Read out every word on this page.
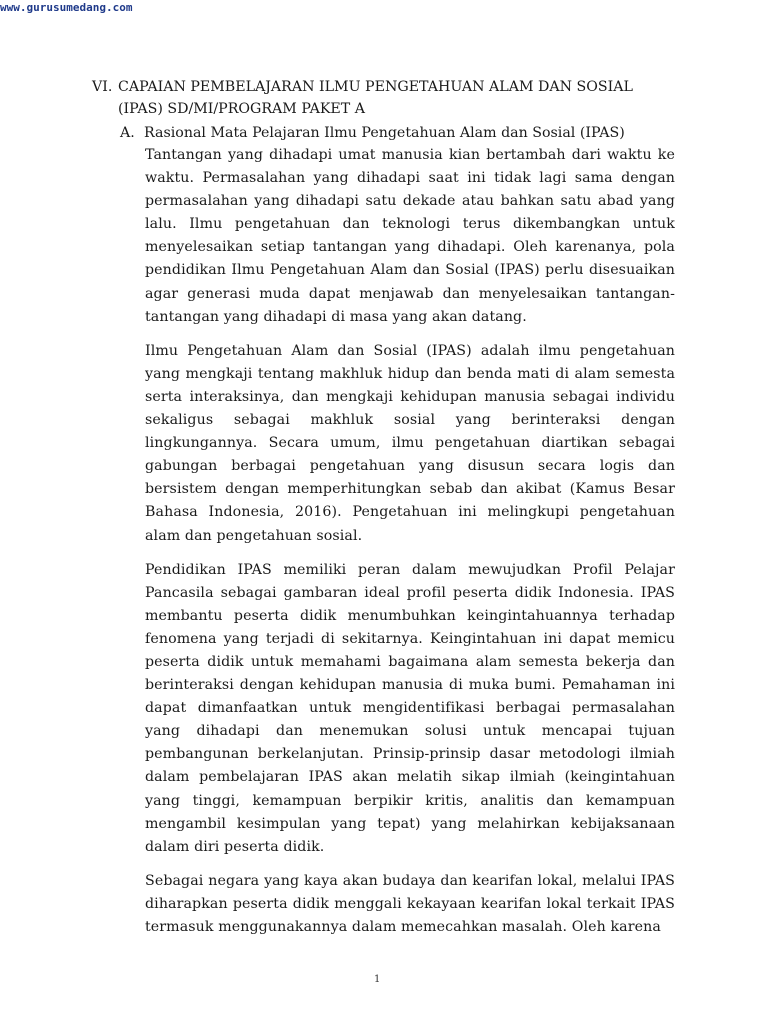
www.gurusumedang.com
VI. CAPAIAN PEMBELAJARAN ILMU PENGETAHUAN ALAM DAN SOSIAL
(IPAS) SD/MI/PROGRAM PAKET A
A. Rasional Mata Pelajaran Ilmu Pengetahuan Alam dan Sosial (IPAS)

Tantangan yang dihadapi umat manusia kian bertambah dari waktu ke waktu. Permasalahan yang dihadapi saat ini tidak lagi sama dengan permasalahan yang dihadapi satu dekade atau bahkan satu abad yang lalu. Ilmu pengetahuan dan teknologi terus dikembangkan untuk menyelesaikan setiap tantangan yang dihadapi. Oleh karenanya, pola pendidikan Ilmu Pengetahuan Alam dan Sosial (IPAS) perlu disesuaikan agar generasi muda dapat menjawab dan menyelesaikan tantangan-tantangan yang dihadapi di masa yang akan datang.

Ilmu Pengetahuan Alam dan Sosial (IPAS) adalah ilmu pengetahuan yang mengkaji tentang makhluk hidup dan benda mati di alam semesta serta interaksinya, dan mengkaji kehidupan manusia sebagai individu sekaligus sebagai makhluk sosial yang berinteraksi dengan lingkungannya. Secara umum, ilmu pengetahuan diartikan sebagai gabungan berbagai pengetahuan yang disusun secara logis dan bersistem dengan memperhitungkan sebab dan akibat (Kamus Besar Bahasa Indonesia, 2016). Pengetahuan ini melingkupi pengetahuan alam dan pengetahuan sosial.

Pendidikan IPAS memiliki peran dalam mewujudkan Profil Pelajar Pancasila sebagai gambaran ideal profil peserta didik Indonesia. IPAS membantu peserta didik menumbuhkan keingintahuannya terhadap fenomena yang terjadi di sekitarnya. Keingintahuan ini dapat memicu peserta didik untuk memahami bagaimana alam semesta bekerja dan berinteraksi dengan kehidupan manusia di muka bumi. Pemahaman ini dapat dimanfaatkan untuk mengidentifikasi berbagai permasalahan yang dihadapi dan menemukan solusi untuk mencapai tujuan pembangunan berkelanjutan. Prinsip-prinsip dasar metodologi ilmiah dalam pembelajaran IPAS akan melatih sikap ilmiah (keingintahuan yang tinggi, kemampuan berpikir kritis, analitis dan kemampuan mengambil kesimpulan yang tepat) yang melahirkan kebijaksanaan dalam diri peserta didik.

Sebagai negara yang kaya akan budaya dan kearifan lokal, melalui IPAS diharapkan peserta didik menggali kekayaan kearifan lokal terkait IPAS termasuk menggunakannya dalam memecahkan masalah. Oleh karena

1
